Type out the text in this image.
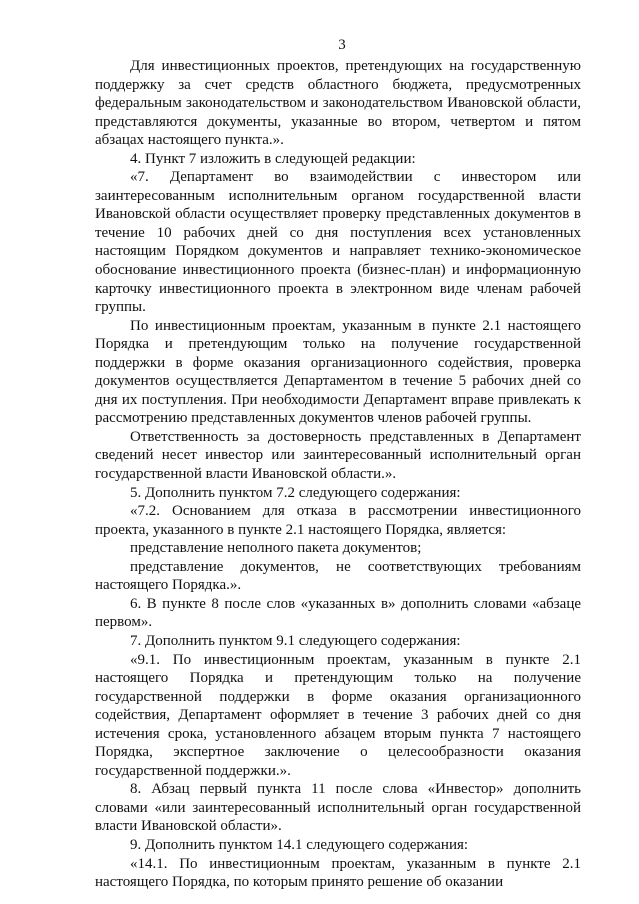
3

Для инвестиционных проектов, претендующих на государственную поддержку за счет средств областного бюджета, предусмотренных федеральным законодательством и законодательством Ивановской области, представляются документы, указанные во втором, четвертом и пятом абзацах настоящего пункта.».

4. Пункт 7 изложить в следующей редакции:

«7. Департамент во взаимодействии с инвестором или заинтересованным исполнительным органом государственной власти Ивановской области осуществляет проверку представленных документов в течение 10 рабочих дней со дня поступления всех установленных настоящим Порядком документов и направляет технико-экономическое обоснование инвестиционного проекта (бизнес-план) и информационную карточку инвестиционного проекта в электронном виде членам рабочей группы.

По инвестиционным проектам, указанным в пункте 2.1 настоящего Порядка и претендующим только на получение государственной поддержки в форме оказания организационного содействия, проверка документов осуществляется Департаментом в течение 5 рабочих дней со дня их поступления. При необходимости Департамент вправе привлекать к рассмотрению представленных документов членов рабочей группы.

Ответственность за достоверность представленных в Департамент сведений несет инвестор или заинтересованный исполнительный орган государственной власти Ивановской области.».

5. Дополнить пунктом 7.2 следующего содержания:

«7.2. Основанием для отказа в рассмотрении инвестиционного проекта, указанного в пункте 2.1 настоящего Порядка, является:

представление неполного пакета документов;

представление документов, не соответствующих требованиям настоящего Порядка.».

6. В пункте 8 после слов «указанных в» дополнить словами «абзаце первом».

7. Дополнить пунктом 9.1 следующего содержания:

«9.1. По инвестиционным проектам, указанным в пункте 2.1 настоящего Порядка и претендующим только на получение государственной поддержки в форме оказания организационного содействия, Департамент оформляет в течение 3 рабочих дней со дня истечения срока, установленного абзацем вторым пункта 7 настоящего Порядка, экспертное заключение о целесообразности оказания государственной поддержки.».

8. Абзац первый пункта 11 после слова «Инвестор» дополнить словами «или заинтересованный исполнительный орган государственной власти Ивановской области».

9. Дополнить пунктом 14.1 следующего содержания:

«14.1. По инвестиционным проектам, указанным в пункте 2.1 настоящего Порядка, по которым принято решение об оказании
